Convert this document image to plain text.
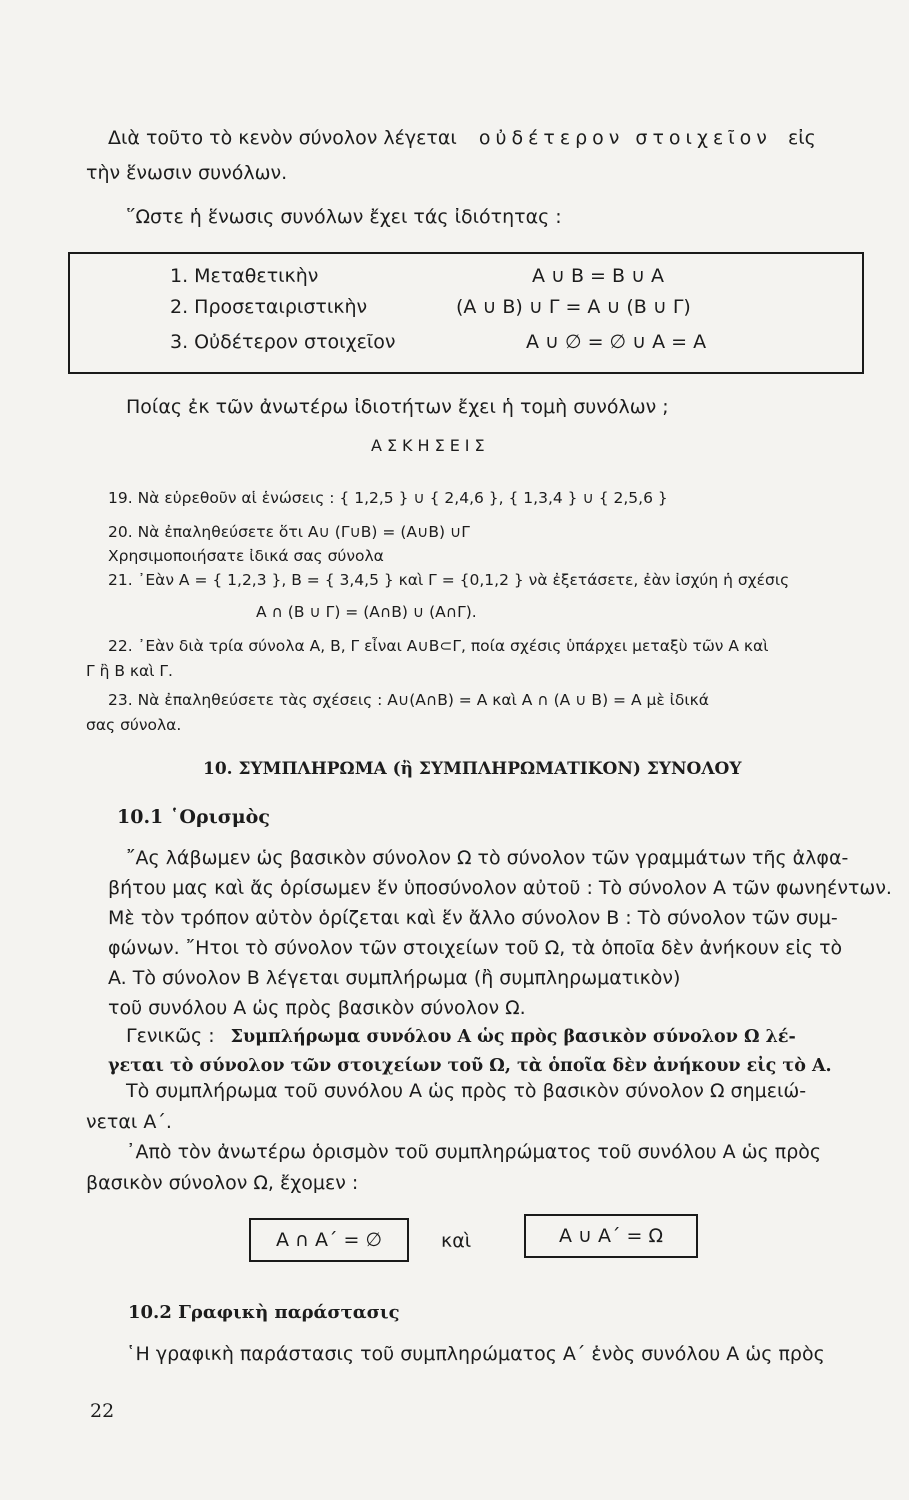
Διὰ τοῦτο τὸ κενὸν σύνολον λέγεται οὐδέτερον στοιχεῖον εἰς
τὴν ἕνωσιν συνόλων.
῞Ωστε ἡ ἕνωσις συνόλων ἔχει τάς ἰδιότητας :
1. Μεταθετικὴν	A ∪ B = B ∪ A
2. Προσεταιριστικὴν	(A ∪ B) ∪ Γ = A ∪ (B ∪ Γ)
3. Οὐδέτερον στοιχεῖον	A ∪ ∅ = ∅ ∪ A = A
Ποίας ἐκ τῶν ἀνωτέρω ἰδιοτήτων ἔχει ἡ τομὴ συνόλων ;
ΑΣΚΗΣΕΙΣ
19. Νὰ εὑρεθοῦν αἱ ἑνώσεις : { 1,2,5 } ∪ { 2,4,6 }, { 1,3,4 } ∪ { 2,5,6 }
20. Νὰ ἐπαληθεύσετε ὅτι A∪ (Γ∪B) = (A∪B) ∪Γ
Χρησιμοποιήσατε ἰδικά σας σύνολα
21. ᾿Εὰν A = { 1,2,3 }, B = { 3,4,5 } καὶ Γ = {0,1,2 } νὰ ἐξετάσετε, ἐὰν ἰσχύη ἡ σχέσις
A ∩ (B ∪ Γ) = (A∩B) ∪ (A∩Γ).
22. ᾿Εὰν διὰ τρία σύνολα A, B, Γ εἶναι A∪B⊂Γ, ποία σχέσις ὑπάρχει μεταξὺ τῶν A καὶ
Γ ἢ B καὶ Γ.
23. Νὰ ἐπαληθεύσετε τὰς σχέσεις : A∪(A∩B) = A καὶ A ∩ (A ∪ B) = A μὲ ἰδικά
σας σύνολα.
10. ΣΥΜΠΛΗΡΩΜΑ (ἢ ΣΥΜΠΛΗΡΩΜΑΤΙΚΟΝ) ΣΥΝΟΛΟΥ
10.1 ῾Ορισμὸς
῎Ας λάβωμεν ὡς βασικὸν σύνολον Ω τὸ σύνολον τῶν γραμμάτων τῆς ἀλφα-
βήτου μας καὶ ἄς ὁρίσωμεν ἕν ὑποσύνολον αὐτοῦ : Τὸ σύνολον A τῶν φωνηέντων.
Μὲ τὸν τρόπον αὐτὸν ὁρίζεται καὶ ἕν ἄλλο σύνολον B : Τὸ σύνολον τῶν συμ-
φώνων. ῎Ητοι τὸ σύνολον τῶν στοιχείων τοῦ Ω, τὰ ὁποῖα δὲν ἀνήκουν εἰς τὸ
A. Τὸ σύνολον B λέγεται συμπλήρωμα (ἢ συμπληρωματικὸν)
τοῦ συνόλου A ὡς πρὸς βασικὸν σύνολον Ω.
Γενικῶς : Συμπλήρωμα συνόλου A ὡς πρὸς βασικὸν σύνολον Ω λέ-
γεται τὸ σύνολον τῶν στοιχείων τοῦ Ω, τὰ ὁποῖα δὲν ἀνήκουν εἰς τὸ A.
Τὸ συμπλήρωμα τοῦ συνόλου A ὡς πρὸς τὸ βασικὸν σύνολον Ω σημειώ-
νεται A΄.
᾿Απὸ τὸν ἀνωτέρω ὁρισμὸν τοῦ συμπληρώματος τοῦ συνόλου A ὡς πρὸς
βασικὸν σύνολον Ω, ἔχομεν :
A ∩ A΄ = ∅	καὶ	A ∪ A΄ = Ω
10.2 Γραφικὴ παράστασις
῾Η γραφικὴ παράστασις τοῦ συμπληρώματος A΄ ἑνὸς συνόλου A ὡς πρὸς
22
